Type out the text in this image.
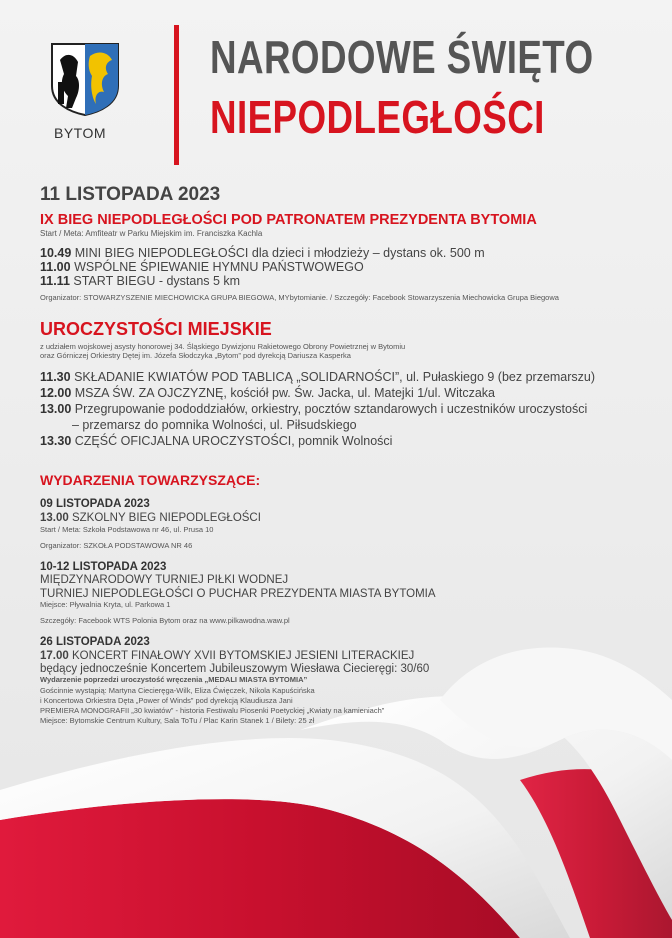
BYTOM
NARODOWE ŚWIĘTO
NIEPODLEGŁOŚCI
11 LISTOPADA 2023
IX BIEG NIEPODLEGŁOŚCI POD PATRONATEM PREZYDENTA BYTOMIA
Start / Meta: Amfiteatr w Parku Miejskim im. Franciszka Kachla
10.49 MINI BIEG NIEPODLEGŁOŚCI dla dzieci i młodzieży – dystans ok. 500 m
11.00 WSPÓLNE ŚPIEWANIE HYMNU PAŃSTWOWEGO
11.11 START BIEGU - dystans 5 km
Organizator: STOWARZYSZENIE MIECHOWICKA GRUPA BIEGOWA, MYbytomianie. / Szczegóły: Facebook Stowarzyszenia Miechowicka Grupa Biegowa
UROCZYSTOŚCI MIEJSKIE
z udziałem wojskowej asysty honorowej 34. Śląskiego Dywizjonu Rakietowego Obrony Powietrznej w Bytomiu
oraz Górniczej Orkiestry Dętej im. Józefa Słodczyka „Bytom” pod dyrekcją Dariusza Kasperka
11.30 SKŁADANIE KWIATÓW POD TABLICĄ „SOLIDARNOŚCI”, ul. Pułaskiego 9 (bez przemarszu)
12.00 MSZA ŚW. ZA OJCZYZNĘ, kościół pw. Św. Jacka, ul. Matejki 1/ul. Witczaka
13.00 Przegrupowanie pododdziałów, orkiestry, pocztów sztandarowych i uczestników uroczystości
– przemarsz do pomnika Wolności, ul. Piłsudskiego
13.30 CZĘŚĆ OFICJALNA UROCZYSTOŚCI, pomnik Wolności
WYDARZENIA TOWARZYSZĄCE:
09 LISTOPADA 2023
13.00 SZKOLNY BIEG NIEPODLEGŁOŚCI
Start / Meta: Szkoła Podstawowa nr 46, ul. Prusa 10
Organizator: SZKOŁA PODSTAWOWA NR 46
10-12 LISTOPADA 2023
MIĘDZYNARODOWY TURNIEJ PIŁKI WODNEJ
TURNIEJ NIEPODLEGŁOŚCI O PUCHAR PREZYDENTA MIASTA BYTOMIA
Miejsce: Pływalnia Kryta, ul. Parkowa 1
Szczegóły: Facebook WTS Polonia Bytom oraz na www.pilkawodna.waw.pl
26 LISTOPADA 2023
17.00 KONCERT FINAŁOWY XVII BYTOMSKIEJ JESIENI LITERACKIEJ
będący jednocześnie Koncertem Jubileuszowym Wiesława Ciecieręgi: 30/60
Wydarzenie poprzedzi uroczystość wręczenia „MEDALI MIASTA BYTOMIA”
Gościnnie wystąpią: Martyna Ciecieręga-Wilk, Eliza Ćwięczek, Nikola Kapuścińska
i Koncertowa Orkiestra Dęta „Power of Winds” pod dyrekcją Klaudiusza Jani
PREMIERA MONOGRAFII „30 kwiatów” - historia Festiwalu Piosenki Poetyckiej „Kwiaty na kamieniach”
Miejsce: Bytomskie Centrum Kultury, Sala ToTu / Plac Karin Stanek 1 / Bilety: 25 zł
